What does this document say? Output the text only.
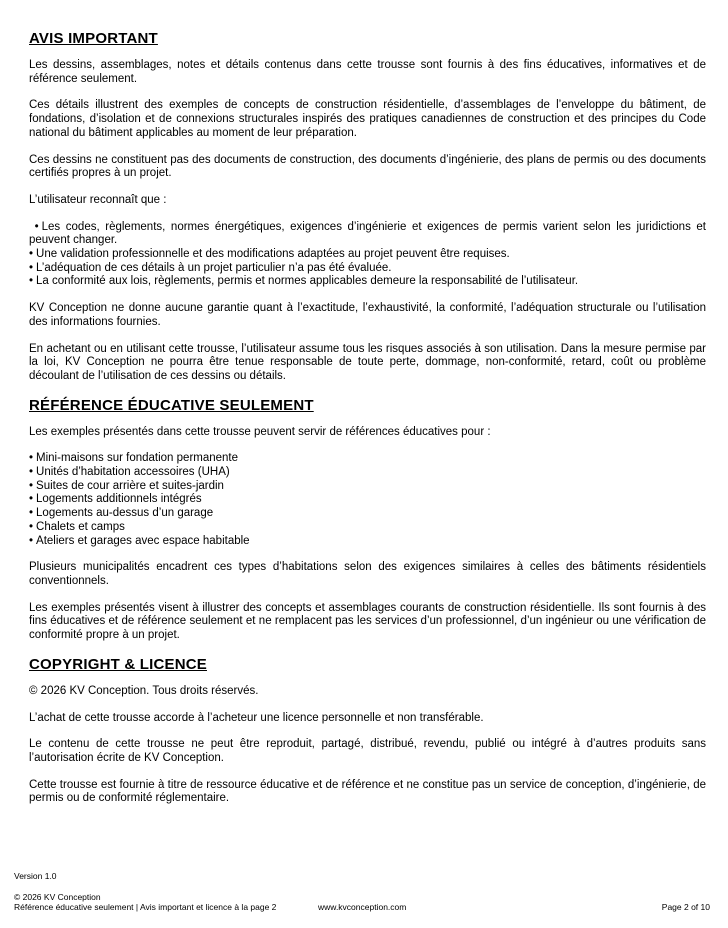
AVIS IMPORTANT

Les dessins, assemblages, notes et détails contenus dans cette trousse sont fournis à des fins éducatives, informatives et de référence seulement.

Ces détails illustrent des exemples de concepts de construction résidentielle, d’assemblages de l’enveloppe du bâtiment, de fondations, d’isolation et de connexions structurales inspirés des pratiques canadiennes de construction et des principes du Code national du bâtiment applicables au moment de leur préparation.

Ces dessins ne constituent pas des documents de construction, des documents d’ingénierie, des plans de permis ou des documents certifiés propres à un projet.

L’utilisateur reconnaît que :

• Les codes, règlements, normes énergétiques, exigences d’ingénierie et exigences de permis varient selon les juridictions et peuvent changer.
• Une validation professionnelle et des modifications adaptées au projet peuvent être requises.
• L’adéquation de ces détails à un projet particulier n’a pas été évaluée.
• La conformité aux lois, règlements, permis et normes applicables demeure la responsabilité de l’utilisateur.

KV Conception ne donne aucune garantie quant à l’exactitude, l’exhaustivité, la conformité, l’adéquation structurale ou l’utilisation des informations fournies.

En achetant ou en utilisant cette trousse, l’utilisateur assume tous les risques associés à son utilisation. Dans la mesure permise par la loi, KV Conception ne pourra être tenue responsable de toute perte, dommage, non-conformité, retard, coût ou problème découlant de l’utilisation de ces dessins ou détails.

RÉFÉRENCE ÉDUCATIVE SEULEMENT

Les exemples présentés dans cette trousse peuvent servir de références éducatives pour :

• Mini-maisons sur fondation permanente
• Unités d’habitation accessoires (UHA)
• Suites de cour arrière et suites-jardin
• Logements additionnels intégrés
• Logements au-dessus d’un garage
• Chalets et camps
• Ateliers et garages avec espace habitable

Plusieurs municipalités encadrent ces types d’habitations selon des exigences similaires à celles des bâtiments résidentiels conventionnels.

Les exemples présentés visent à illustrer des concepts et assemblages courants de construction résidentielle. Ils sont fournis à des fins éducatives et de référence seulement et ne remplacent pas les services d’un professionnel, d’un ingénieur ou une vérification de conformité propre à un projet.

COPYRIGHT & LICENCE

© 2026 KV Conception. Tous droits réservés.

L’achat de cette trousse accorde à l’acheteur une licence personnelle et non transférable.

Le contenu de cette trousse ne peut être reproduit, partagé, distribué, revendu, publié ou intégré à d’autres produits sans l’autorisation écrite de KV Conception.

Cette trousse est fournie à titre de ressource éducative et de référence et ne constitue pas un service de conception, d’ingénierie, de permis ou de conformité réglementaire.

Version 1.0
© 2026 KV Conception
Référence éducative seulement | Avis important et licence à la page 2	www.kvconception.com	Page 2 of 10
